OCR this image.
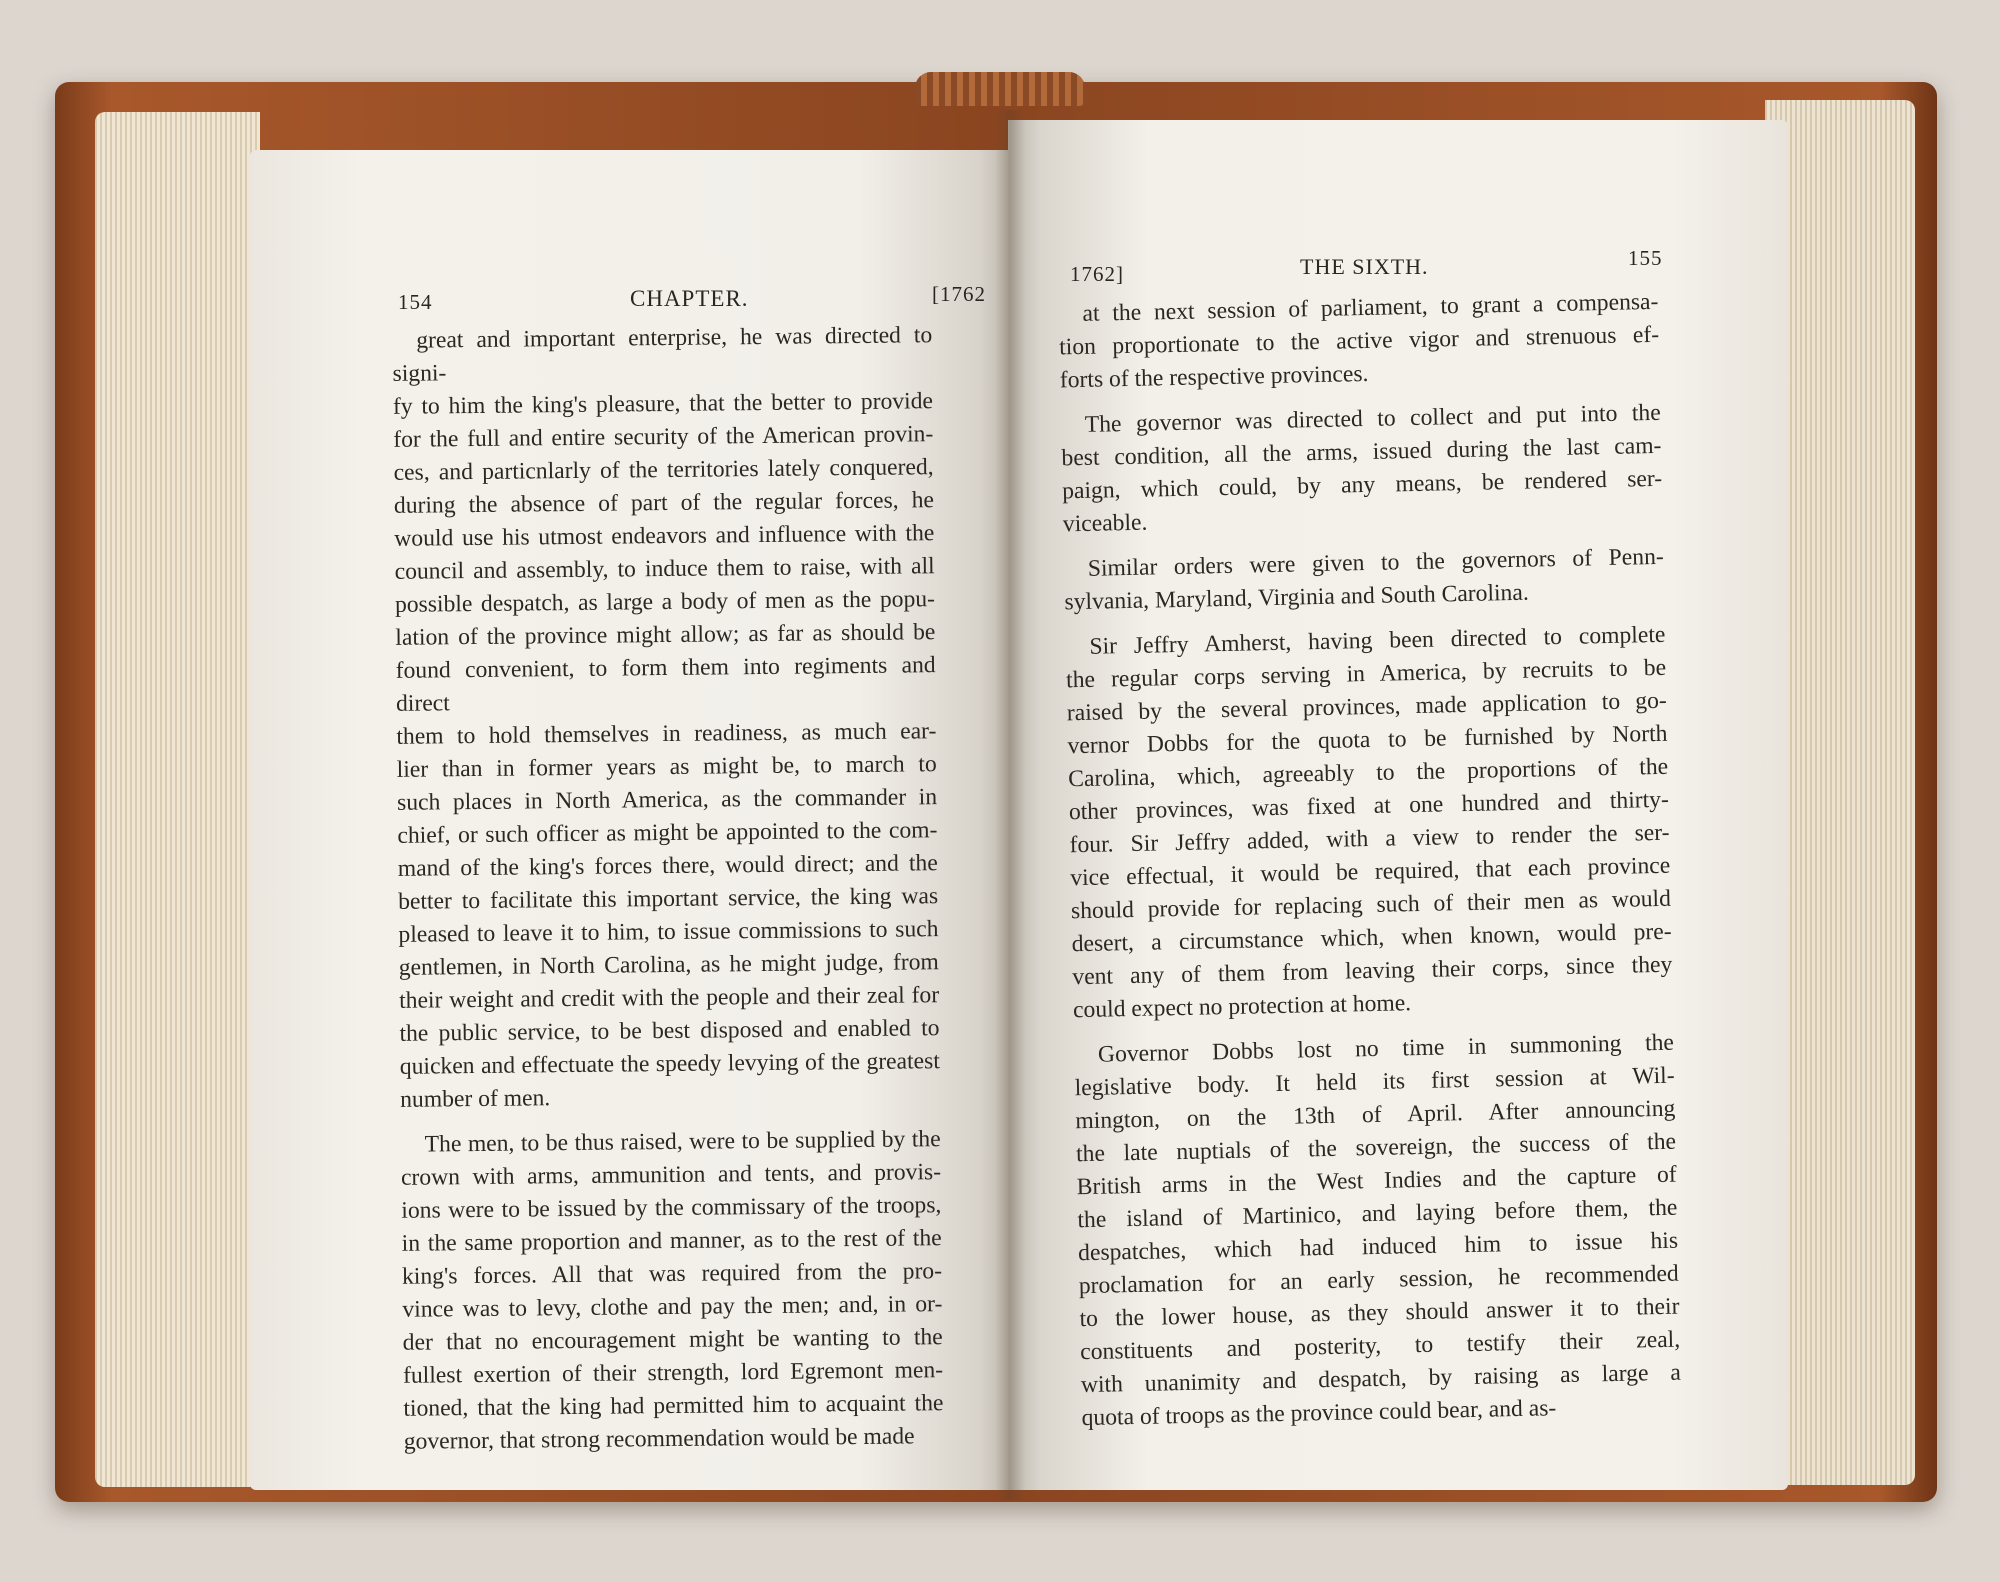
154	CHAPTER.	[1762

great and important enterprise, he was directed to signi-

fy to him the king's pleasure, that the better to provide

for the full and entire security of the American provin-

ces, and particnlarly of the territories lately conquered,

during the absence of part of the regular forces, he

would use his utmost endeavors and influence with the

council and assembly, to induce them to raise, with all

possible despatch, as large a body of men as the popu-

lation of the province might allow; as far as should be

found convenient, to form them into regiments and direct

them to hold themselves in readiness, as much ear-

lier than in former years as might be, to march to

such places in North America, as the commander in

chief, or such officer as might be appointed to the com-

mand of the king's forces there, would direct; and the

better to facilitate this important service, the king was

pleased to leave it to him, to issue commissions to such

gentlemen, in North Carolina, as he might judge, from

their weight and credit with the people and their zeal for

the public service, to be best disposed and enabled to

quicken and effectuate the speedy levying of the greatest

number of men.

The men, to be thus raised, were to be supplied by the

crown with arms, ammunition and tents, and provis-

ions were to be issued by the commissary of the troops,

in the same proportion and manner, as to the rest of the

king's forces. All that was required from the pro-

vince was to levy, clothe and pay the men; and, in or-

der that no encouragement might be wanting to the

fullest exertion of their strength, lord Egremont men-

tioned, that the king had permitted him to acquaint the

governor, that strong recommendation would be made

1762]	THE SIXTH.	155

at the next session of parliament, to grant a compensa-

tion proportionate to the active vigor and strenuous ef-

forts of the respective provinces.

The governor was directed to collect and put into the

best condition, all the arms, issued during the last cam-

paign, which could, by any means, be rendered ser-

viceable.

Similar orders were given to the governors of Penn-

sylvania, Maryland, Virginia and South Carolina.

Sir Jeffry Amherst, having been directed to complete

the regular corps serving in America, by recruits to be

raised by the several provinces, made application to go-

vernor Dobbs for the quota to be furnished by North

Carolina, which, agreeably to the proportions of the

other provinces, was fixed at one hundred and thirty-

four. Sir Jeffry added, with a view to render the ser-

vice effectual, it would be required, that each province

should provide for replacing such of their men as would

desert, a circumstance which, when known, would pre-

vent any of them from leaving their corps, since they

could expect no protection at home.

Governor Dobbs lost no time in summoning the

legislative body. It held its first session at Wil-

mington, on the 13th of April. After announcing

the late nuptials of the sovereign, the success of the

British arms in the West Indies and the capture of

the island of Martinico, and laying before them, the

despatches, which had induced him to issue his

proclamation for an early session, he recommended

to the lower house, as they should answer it to their

constituents and posterity, to testify their zeal,

with unanimity and despatch, by raising as large a

quota of troops as the province could bear, and as-
